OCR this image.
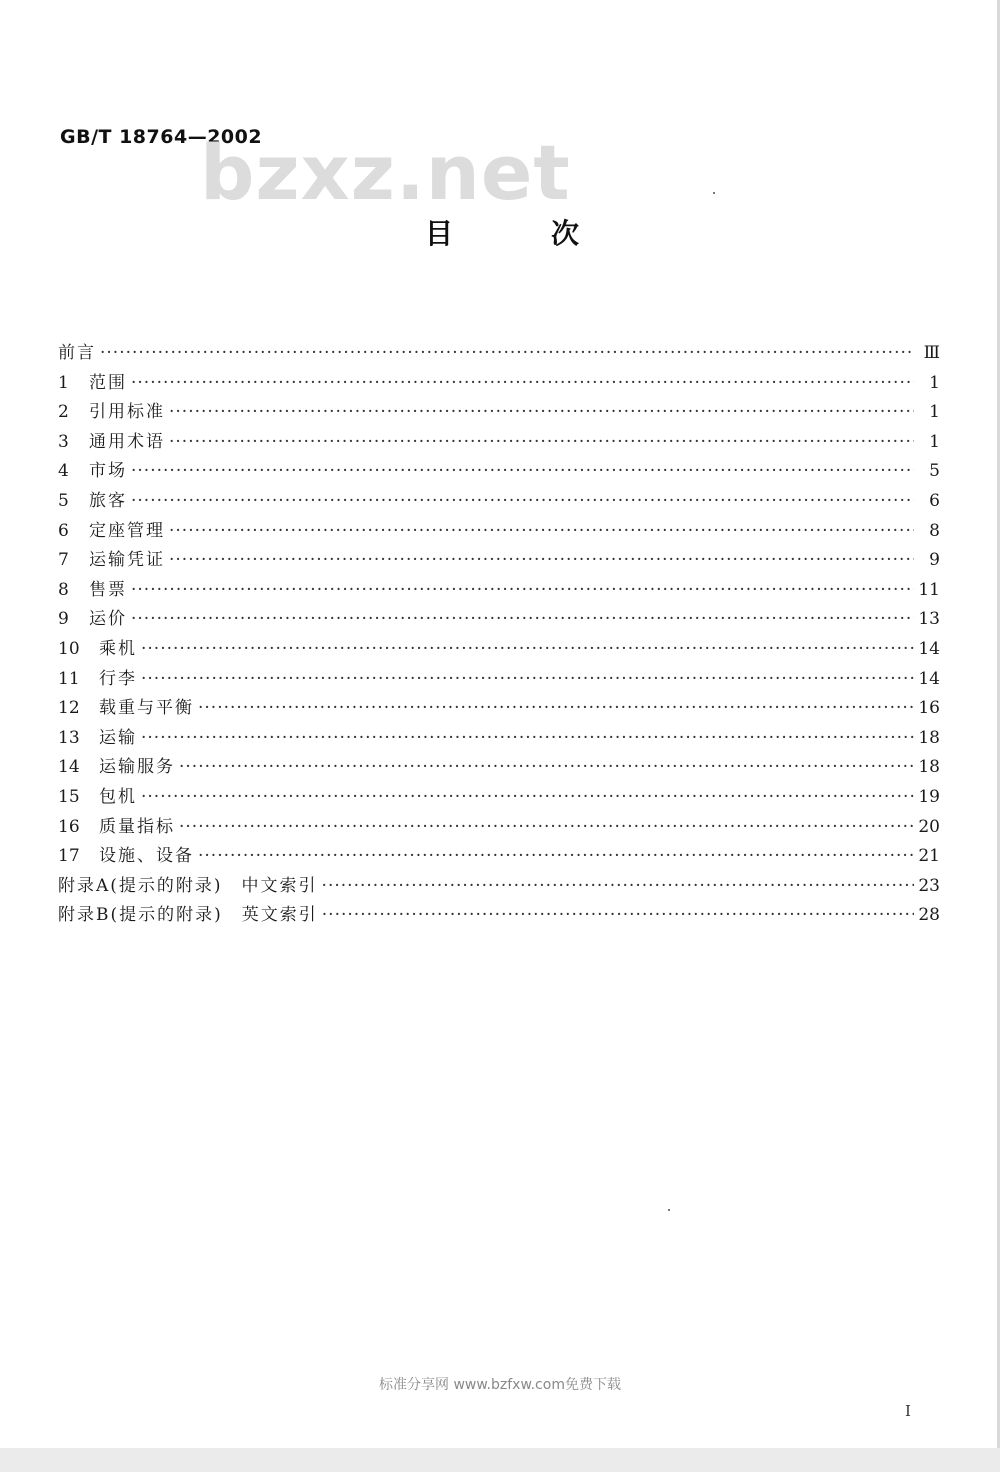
GB/T 18764—2002
bzxz.net
目次
前言 ·····	Ⅲ
1	范围 ·····	1
2	引用标准 ·····	1
3	通用术语 ·····	1
4	市场 ·····	5
5	旅客 ·····	6
6	定座管理 ·····	8
7	运输凭证 ·····	9
8	售票 ·····	11
9	运价 ·····	13
10	乘机 ·····	14
11	行李 ·····	14
12	载重与平衡 ·····	16
13	运输 ·····	18
14	运输服务 ·····	18
15	包机 ·····	19
16	质量指标 ·····	20
17	设施、设备 ·····	21
附录A(提示的附录)　中文索引 ·····	23
附录B(提示的附录)　英文索引 ·····	28
标准分享网 www.bzfxw.com免费下载
I
